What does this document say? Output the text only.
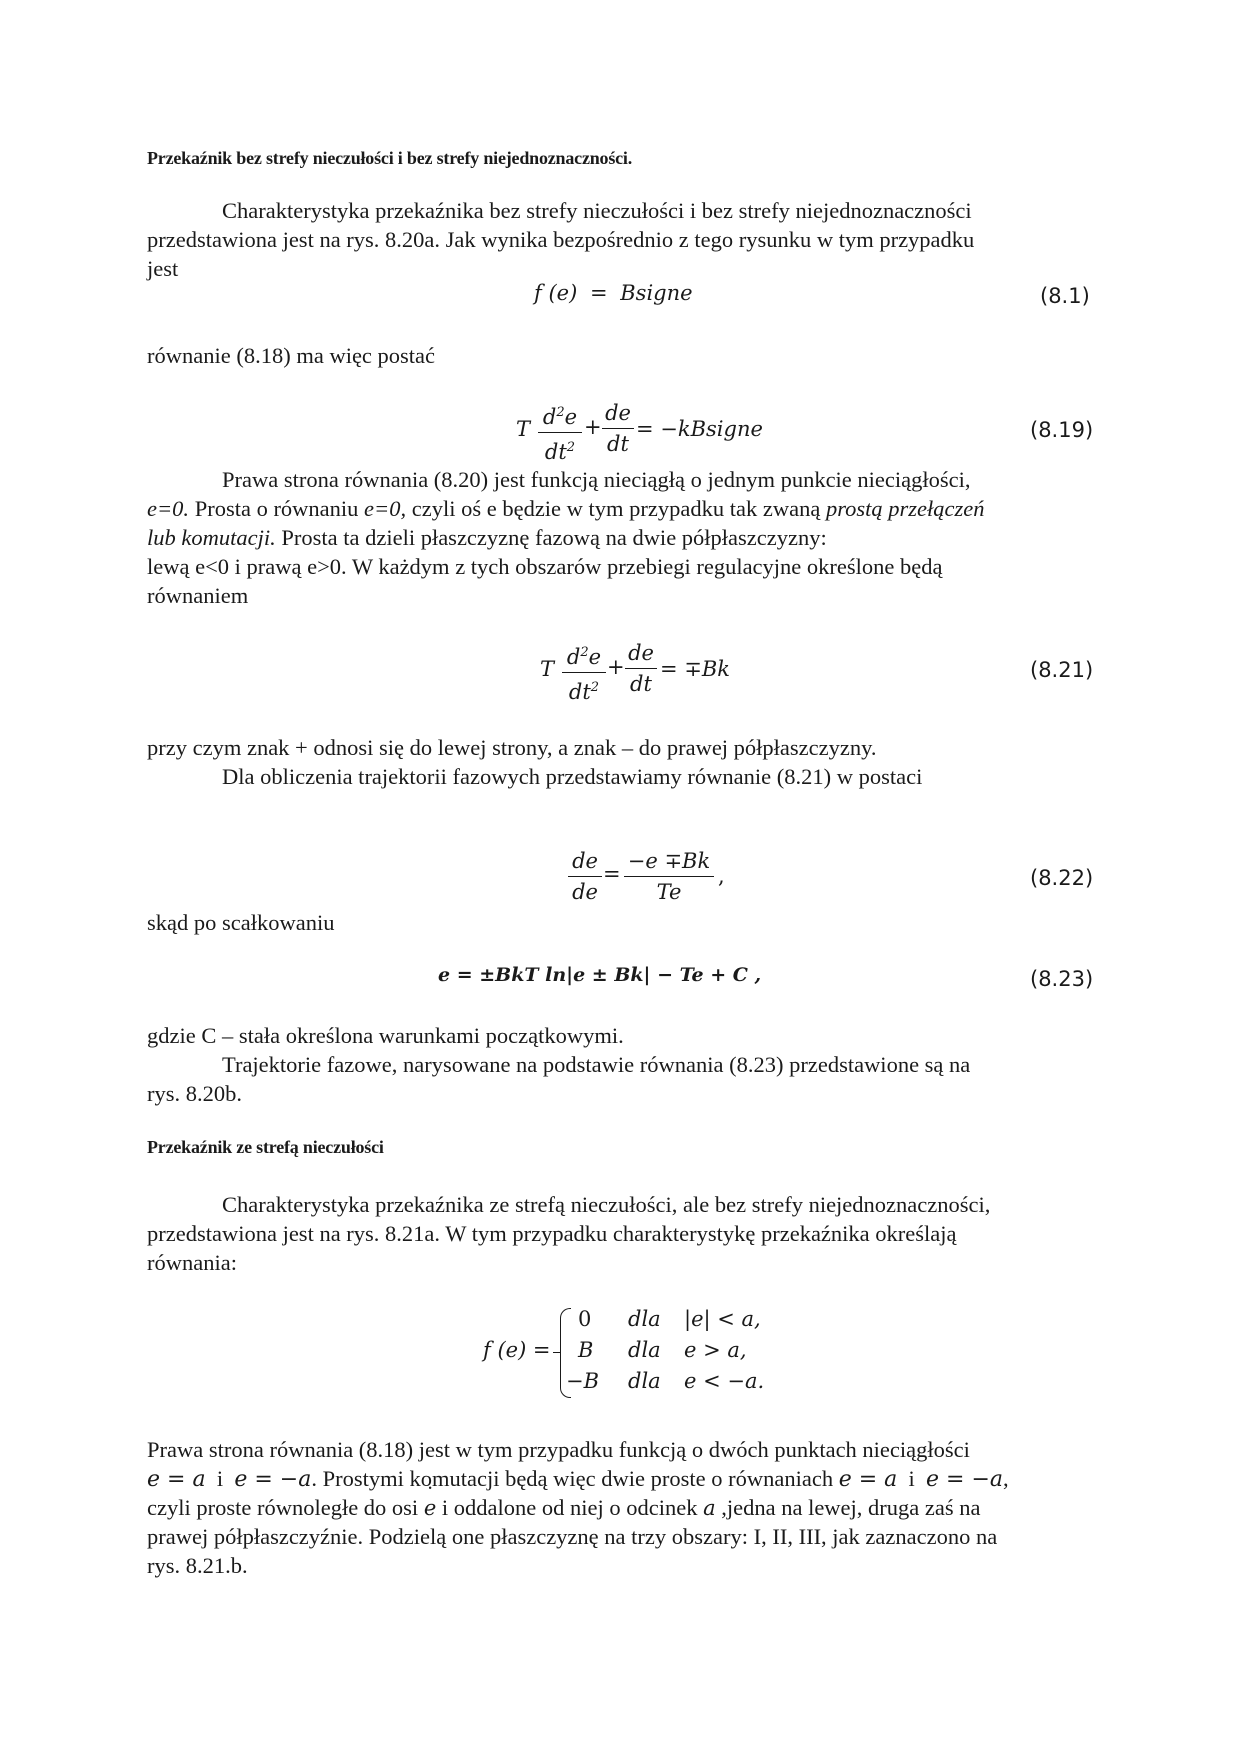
Przekaźnik bez strefy nieczułości i bez strefy niejednoznaczności.
Charakterystyka przekaźnika bez strefy nieczułości i bez strefy niejednoznaczności
przedstawiona jest na rys. 8.20a. Jak wynika bezpośrednio z tego rysunku w tym przypadku
jest
f (e) = Bsigne	(8.1)
równanie (8.18) ma więc postać
T $d^2e$
$dt^2$
+
de
dt
= −kBsigne	(8.19)
Prawa strona równania (8.20) jest funkcją nieciągłą o jednym punkcie nieciągłości,
e=0. Prosta o równaniu e=0, czyli oś e będzie w tym przypadku tak zwaną prostą przełączeń
lub komutacji. Prosta ta dzieli płaszczyznę fazową na dwie półpłaszczyzny:
lewą e<0 i prawą e>0. W każdym z tych obszarów przebiegi regulacyjne określone będą
równaniem
T $d^2e$
$dt^2$
+
de
dt
= ∓Bk	(8.21)
przy czym znak + odnosi się do lewej strony, a znak – do prawej półpłaszczyzny.
Dla obliczenia trajektorii fazowych przedstawiamy równanie (8.21) w postaci
de
de
=
−e ∓Bk
Te
,	(8.22)
skąd po scałkowaniu
e = ±BkT ln|e ± Bk| − Te + C ,	(8.23)
gdzie C – stała określona warunkami początkowymi.
Trajektorie fazowe, narysowane na podstawie równania (8.23) przedstawione są na
rys. 8.20b.
Przekaźnik ze strefą nieczułości
Charakterystyka przekaźnika ze strefą nieczułości, ale bez strefy niejednoznaczności,
przedstawiona jest na rys. 8.21a. W tym przypadku charakterystykę przekaźnika określają
równania:
f (e) =
0 dla |e| < a,
B dla e > a,
−B dla e < −a.
Prawa strona równania (8.18) jest w tym przypadku funkcją o dwóch punktach nieciągłości
e = a  i  e = −a. Prostymi komutacji będą więc dwie proste o równaniach e = a  i  e = −a,
czyli proste równoległe do osi ˙ e i oddalone od niej o odcinek a ,jedna na lewej, druga zaś na
prawej półpłaszczyźnie. Podzielą one płaszczyznę na trzy obszary: I, II, III, jak zaznaczono na
rys. 8.21.b.
